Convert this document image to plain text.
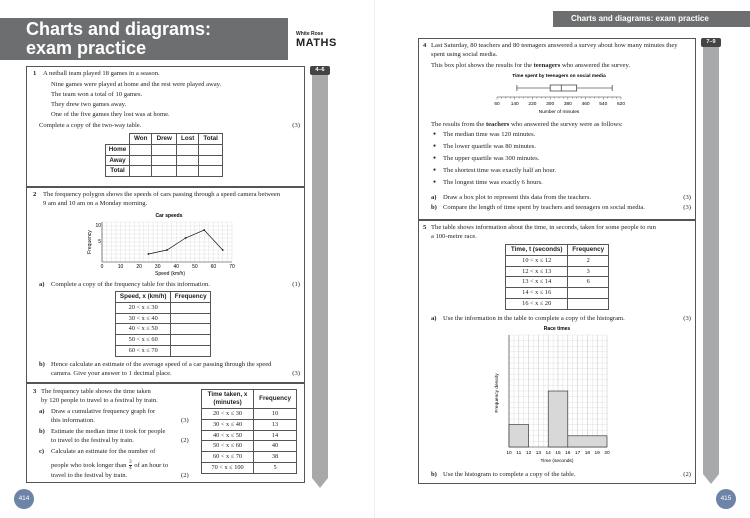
Charts and diagrams:
exam practice
White Rose
MATHS
4–6
414
1 A netball team played 18 games in a season.
Nine games were played at home and the rest were played away.
The team won a total of 10 games.
They drew two games away.
One of the five games they lost was at home.
Complete a copy of the two-way table.	(3)
	Won	Drew	Lost	Total
Home				
Away				
Total				
2 The frequency polygon shows the speeds of cars passing through a speed camera between
9 am and 10 am on a Monday morning.
Car speeds
Frequency
10
5
0	10	20	30	40	50	60	70
Speed (km/h)
a) Complete a copy of the frequency table for this information.	(1)
Speed, x (km/h)	Frequency
20 < x ≤ 30	
30 < x ≤ 40	
40 < x ≤ 50	
50 < x ≤ 60	
60 < x ≤ 70	
b) Hence calculate an estimate of the average speed of a car passing through the speed
camera. Give your answer to 1 decimal place.	(3)
3 The frequency table shows the time taken
by 120 people to travel to a festival by train.
a) Draw a cumulative frequency graph for
this information.	(3)
b) Estimate the median time it took for people
to travel to the festival by train.	(2)
c) Calculate an estimate for the number of
people who took longer than $\frac{3}{4}$ of an hour to
travel to the festival by train.	(2)
Time taken, x
(minutes)	Frequency
20 < x ≤ 30	10
30 < x ≤ 40	13
40 < x ≤ 50	14
50 < x ≤ 60	40
60 < x ≤ 70	38
70 < x ≤ 100	5
Charts and diagrams: exam practice
7–9
415
4 Last Saturday, 80 teachers and 80 teenagers answered a survey about how many minutes they
spent using social media.
This box plot shows the results for the teenagers who answered the survey.
Time spent by teenagers on social media
60 140 220 300 380 460 540 620
Number of minutes
The results from the teachers who answered the survey were as follows:
● The median time was 120 minutes.
● The lower quartile was 80 minutes.
● The upper quartile was 300 minutes.
● The shortest time was exactly half an hour.
● The longest time was exactly 6 hours.
a) Draw a box plot to represent this data from the teachers.	(3)
b) Compare the length of time spent by teachers and teenagers on social media.	(3)
5 The table shows information about the time, in seconds, taken for some people to run
a 100-metre race.
Time, t (seconds)	Frequency
10 < x ≤ 12	2
12 < x ≤ 13	3
13 < x ≤ 14	6
14 < x ≤ 16	
16 < x ≤ 20	
a) Use the information in the table to complete a copy of the histogram.	(3)
Race times
Frequency density
10 11 12 13 14 15 16 17 18 19 20
Time (seconds)
b) Use the histogram to complete a copy of the table.	(2)
